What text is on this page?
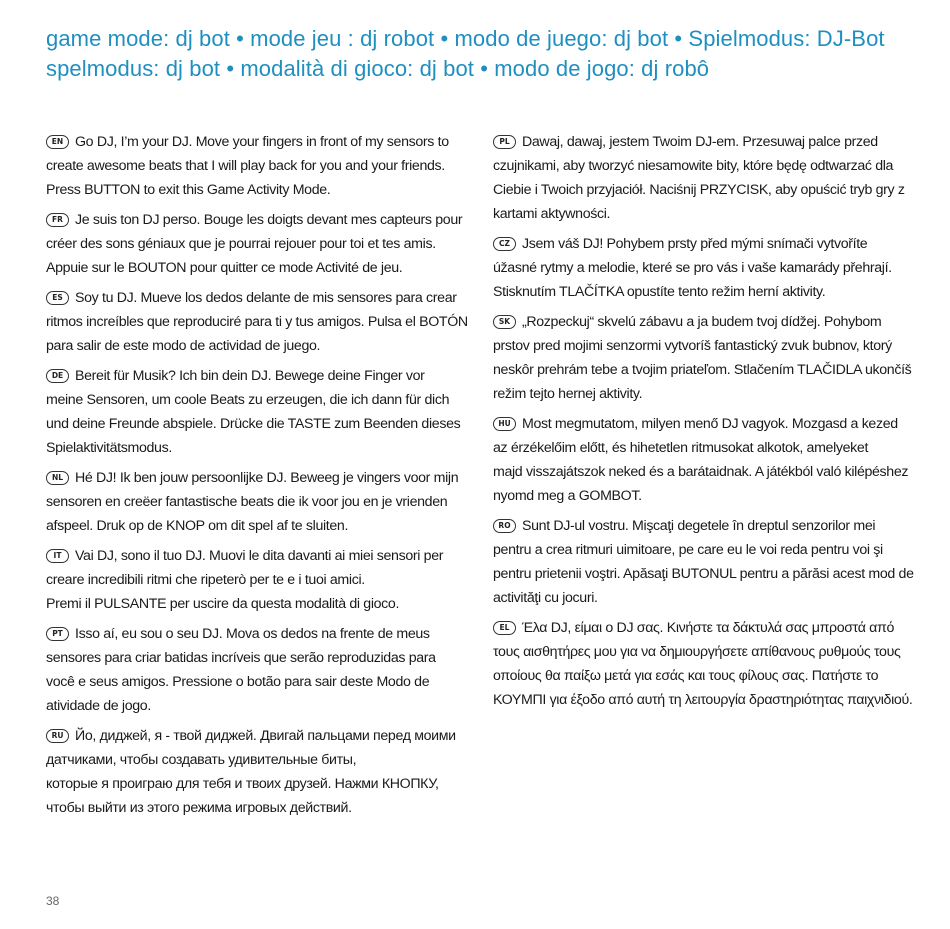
game mode: dj bot • mode jeu : dj robot • modo de juego: dj bot • Spielmodus: DJ-Bot
spelmodus: dj bot • modalità di gioco: dj bot • modo de jogo: dj robô
EN Go DJ, I’m your DJ. Move your fingers in front of my sensors to
create awesome beats that I will play back for you and your friends.
Press BUTTON to exit this Game Activity Mode.
FR Je suis ton DJ perso. Bouge les doigts devant mes capteurs pour
créer des sons géniaux que je pourrai rejouer pour toi et tes amis.
Appuie sur le BOUTON pour quitter ce mode Activité de jeu.
ES Soy tu DJ. Mueve los dedos delante de mis sensores para crear
ritmos increíbles que reproduciré para ti y tus amigos. Pulsa el BOTÓN
para salir de este modo de actividad de juego.
DE Bereit für Musik? Ich bin dein DJ. Bewege deine Finger vor
meine Sensoren, um coole Beats zu erzeugen, die ich dann für dich
und deine Freunde abspiele. Drücke die TASTE zum Beenden dieses
Spielaktivitätsmodus.
NL Hé DJ! Ik ben jouw persoonlijke DJ. Beweeg je vingers voor mijn
sensoren en creëer fantastische beats die ik voor jou en je vrienden
afspeel. Druk op de KNOP om dit spel af te sluiten.
IT Vai DJ, sono il tuo DJ. Muovi le dita davanti ai miei sensori per
creare incredibili ritmi che ripeterò per te e i tuoi amici.
Premi il PULSANTE per uscire da questa modalità di gioco.
PT Isso aí, eu sou o seu DJ. Mova os dedos na frente de meus
sensores para criar batidas incríveis que serão reproduzidas para
você e seus amigos. Pressione o botão para sair deste Modo de
atividade de jogo.
RU Йо, диджей, я - твой диджей. Двигай пальцами перед моими
датчиками, чтобы создавать удивительные биты,
которые я проиграю для тебя и твоих друзей. Нажми КНОПКУ,
чтобы выйти из этого режима игровых действий.
PL Dawaj, dawaj, jestem Twoim DJ-em. Przesuwaj palce przed
czujnikami, aby tworzyć niesamowite bity, które będę odtwarzać dla
Ciebie i Twoich przyjaciół. Naciśnij PRZYCISK, aby opuścić tryb gry z
kartami aktywności.
CZ Jsem váš DJ! Pohybem prsty před mými snímači vytvoříte
úžasné rytmy a melodie, které se pro vás i vaše kamarády přehrají.
Stisknutím TLAČÍTKA opustíte tento režim herní aktivity.
SK „Rozpeckuj“ skvelú zábavu a ja budem tvoj dídžej. Pohybom
prstov pred mojimi senzormi vytvoríš fantastický zvuk bubnov, ktorý
neskôr prehrám tebe a tvojim priateľom. Stlačením TLAČIDLA ukončíš
režim tejto hernej aktivity.
HU Most megmutatom, milyen menő DJ vagyok. Mozgasd a kezed
az érzékelőim előtt, és hihetetlen ritmusokat alkotok, amelyeket
majd visszajátszok neked és a barátaidnak. A játékból való kilépéshez
nyomd meg a GOMBOT.
RO Sunt DJ-ul vostru. Mişcaţi degetele în dreptul senzorilor mei
pentru a crea ritmuri uimitoare, pe care eu le voi reda pentru voi şi
pentru prietenii voştri. Apăsaţi BUTONUL pentru a părăsi acest mod de
activităţi cu jocuri.
EL Έλα DJ, είμαι ο DJ σας. Κινήστε τα δάκτυλά σας μπροστά από
τους αισθητήρες μου για να δημιουργήσετε απίθανους ρυθμούς τους
οποίους θα παίξω μετά για εσάς και τους φίλους σας. Πατήστε το
ΚΟΥΜΠΙ για έξοδο από αυτή τη λειτουργία δραστηριότητας παιχνιδιού.
38
